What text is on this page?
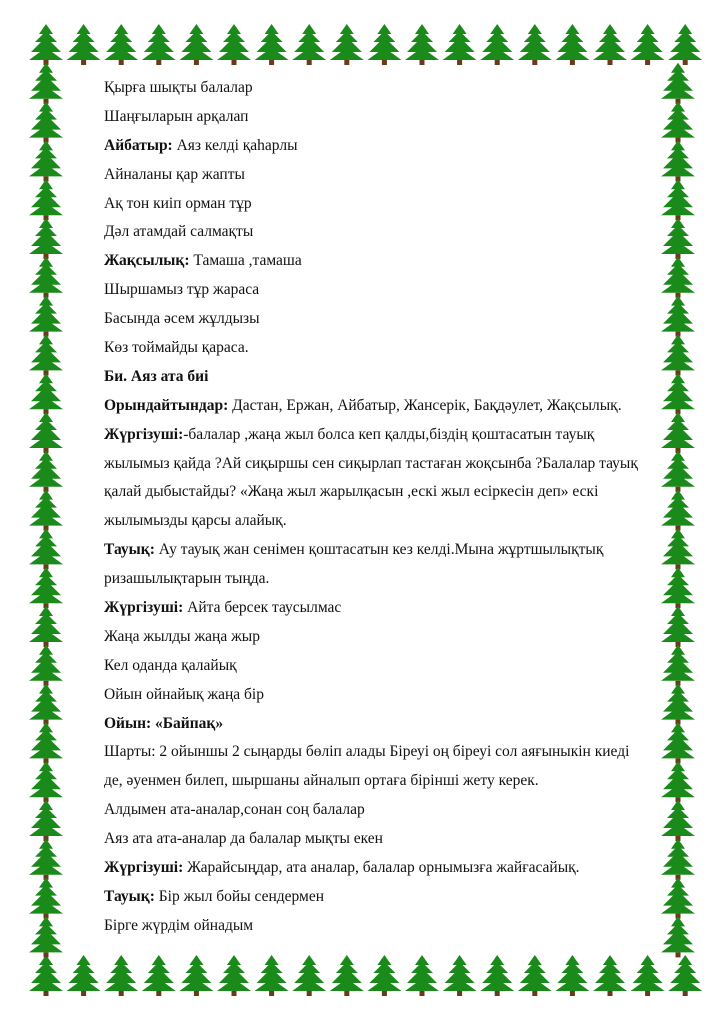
Қырға шықты балалар
Шаңғыларын арқалап
Айбатыр: Аяз келді қаһарлы
Айналаны қар жапты
Ақ тон киіп орман тұр
Дәл атамдай салмақты
Жақсылық: Тамаша ,тамаша
Шыршамыз тұр жараса
Басында әсем жұлдызы
Көз тоймайды қараса.
Би. Аяз ата биі
Орындайтындар: Дастан, Ержан, Айбатыр, Жансерік, Бақдәулет, Жақсылық.
Жүргізуші:-балалар ,жаңа жыл болса кеп қалды,біздің қоштасатын тауық
жылымыз қайда ?Ай сиқыршы сен сиқырлап тастаған жоқсынба ?Балалар тауық
қалай дыбыстайды? «Жаңа жыл жарылқасын ,ескі жыл есіркесін деп» ескі
жылымызды қарсы алайық.
Тауық: Ау тауық жан сенімен қоштасатын кез келді.Мына жұртшылықтық
ризашылықтарын тыңда.
Жүргізуші: Айта берсек таусылмас
Жаңа жылды жаңа жыр
Кел оданда қалайық
Ойын ойнайық жаңа бір
Ойын: «Байпақ»
Шарты: 2 ойыншы 2 сыңарды бөліп алады Біреуі оң біреуі сол аяғыныкін киеді
де, әуенмен билеп, шыршаны айналып ортаға бірінші жету керек.
Алдымен ата-аналар,сонан соң балалар
Аяз ата ата-аналар да балалар мықты екен
Жүргізуші: Жарайсыңдар, ата аналар, балалар орнымызға жайғасайық.
Тауық: Бір жыл бойы сендермен
Бірге жүрдім ойнадым
